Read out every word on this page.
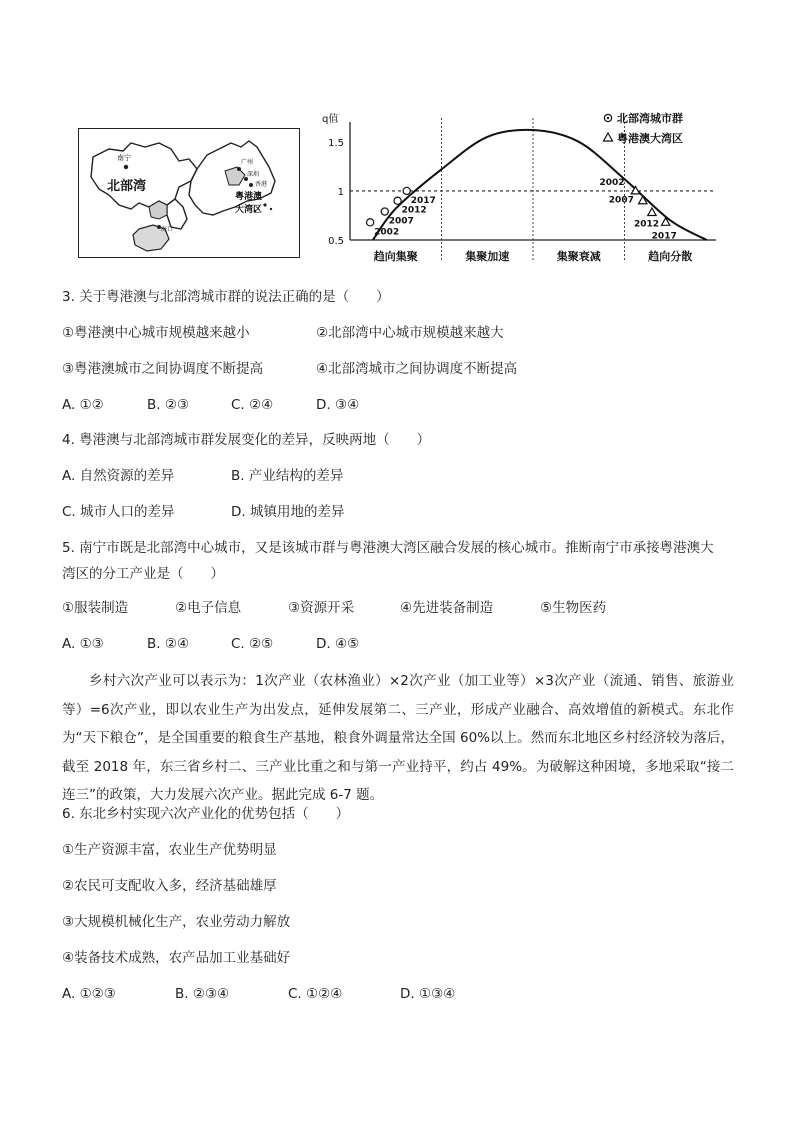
南宁
北部湾
广州
深圳
香港
粤港澳
大湾区
海口
q值
0.5
1
1.5
趋向集聚	集聚加速	集聚衰减	趋向分散
2002
2007
2012
2017
2002
2007
2012
2017
北部湾城市群
粤港澳大湾区
3. 关于粤港澳与北部湾城市群的说法正确的是（　　）
①粤港澳中心城市规模越来越小	②北部湾中心城市规模越来越大
③粤港澳城市之间协调度不断提高	④北部湾城市之间协调度不断提高
A. ①②	B. ②③	C. ②④	D. ③④
4. 粤港澳与北部湾城市群发展变化的差异，反映两地（　　）
A. 自然资源的差异	B. 产业结构的差异
C. 城市人口的差异	D. 城镇用地的差异
5. 南宁市既是北部湾中心城市，又是该城市群与粤港澳大湾区融合发展的核心城市。推断南宁市承接粤港澳大
湾区的分工产业是（　　）
①服装制造	②电子信息	③资源开采	④先进装备制造	⑤生物医药
A. ①③	B. ②④	C. ②⑤	D. ④⑤
乡村六次产业可以表示为：1次产业（农林渔业）×2次产业（加工业等）×3次产业（流通、销售、旅游业等）=6次产业，即以农业生产为出发点，延伸发展第二、三产业，形成产业融合、高效增值的新模式。东北作为“天下粮仓”，是全国重要的粮食生产基地，粮食外调量常达全国 60%以上。然而东北地区乡村经济较为落后，截至 2018 年，东三省乡村二、三产业比重之和与第一产业持平，约占 49%。为破解这种困境，多地采取“接二连三”的政策，大力发展六次产业。据此完成 6-7 题。
6. 东北乡村实现六次产业化的优势包括（　　）
①生产资源丰富，农业生产优势明显
②农民可支配收入多，经济基础雄厚
③大规模机械化生产，农业劳动力解放
④装备技术成熟，农产品加工业基础好
A. ①②③	B. ②③④	C. ①②④	D. ①③④
